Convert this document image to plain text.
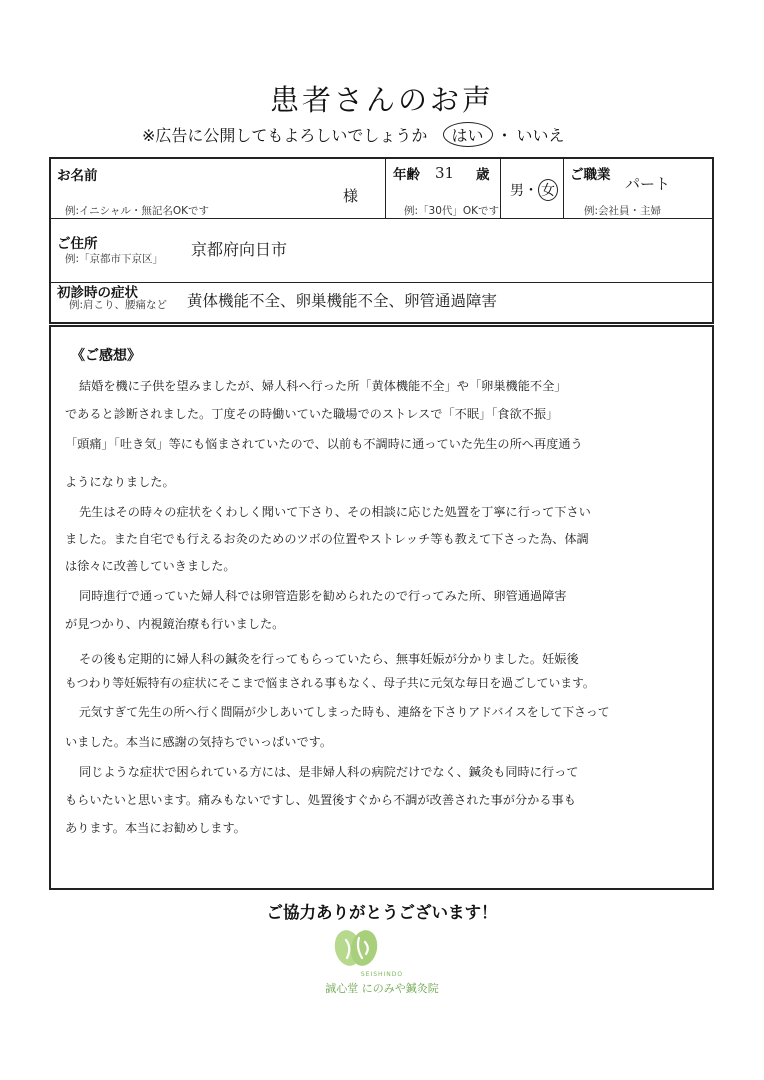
患者さんのお声
※広告に公開してもよろしいでしょうか はい ・ いいえ
お名前
様
例:イニシャル・無記名OKです
年齢 31 歳
例:「30代」OKです
男・ 女
ご職業 パート
例:会社員・主婦
ご住所
例:「京都市下京区」 京都府向日市
初診時の症状
例:肩こり、腰痛など 黄体機能不全、卵巣機能不全、卵管通過障害
《ご感想》
結婚を機に子供を望みましたが、婦人科へ行った所「黄体機能不全」や「卵巣機能不全」
であると診断されました。丁度その時働いていた職場でのストレスで「不眠」「食欲不振」
「頭痛」「吐き気」等にも悩まされていたので、以前も不調時に通っていた先生の所へ再度通う
ようになりました。
先生はその時々の症状をくわしく聞いて下さり、その相談に応じた処置を丁寧に行って下さい
ました。また自宅でも行えるお灸のためのツボの位置やストレッチ等も教えて下さった為、体調
は徐々に改善していきました。
同時進行で通っていた婦人科では卵管造影を勧められたので行ってみた所、卵管通過障害
が見つかり、内視鏡治療も行いました。
その後も定期的に婦人科の鍼灸を行ってもらっていたら、無事妊娠が分かりました。妊娠後
もつわり等妊娠特有の症状にそこまで悩まされる事もなく、母子共に元気な毎日を過ごしています。
元気すぎて先生の所へ行く間隔が少しあいてしまった時も、連絡を下さりアドバイスをして下さって
いました。本当に感謝の気持ちでいっぱいです。
同じような症状で困られている方には、是非婦人科の病院だけでなく、鍼灸も同時に行って
もらいたいと思います。痛みもないですし、処置後すぐから不調が改善された事が分かる事も
あります。本当にお勧めします。
ご協力ありがとうございます！
SEISHINDO
誠心堂 にのみや鍼灸院
